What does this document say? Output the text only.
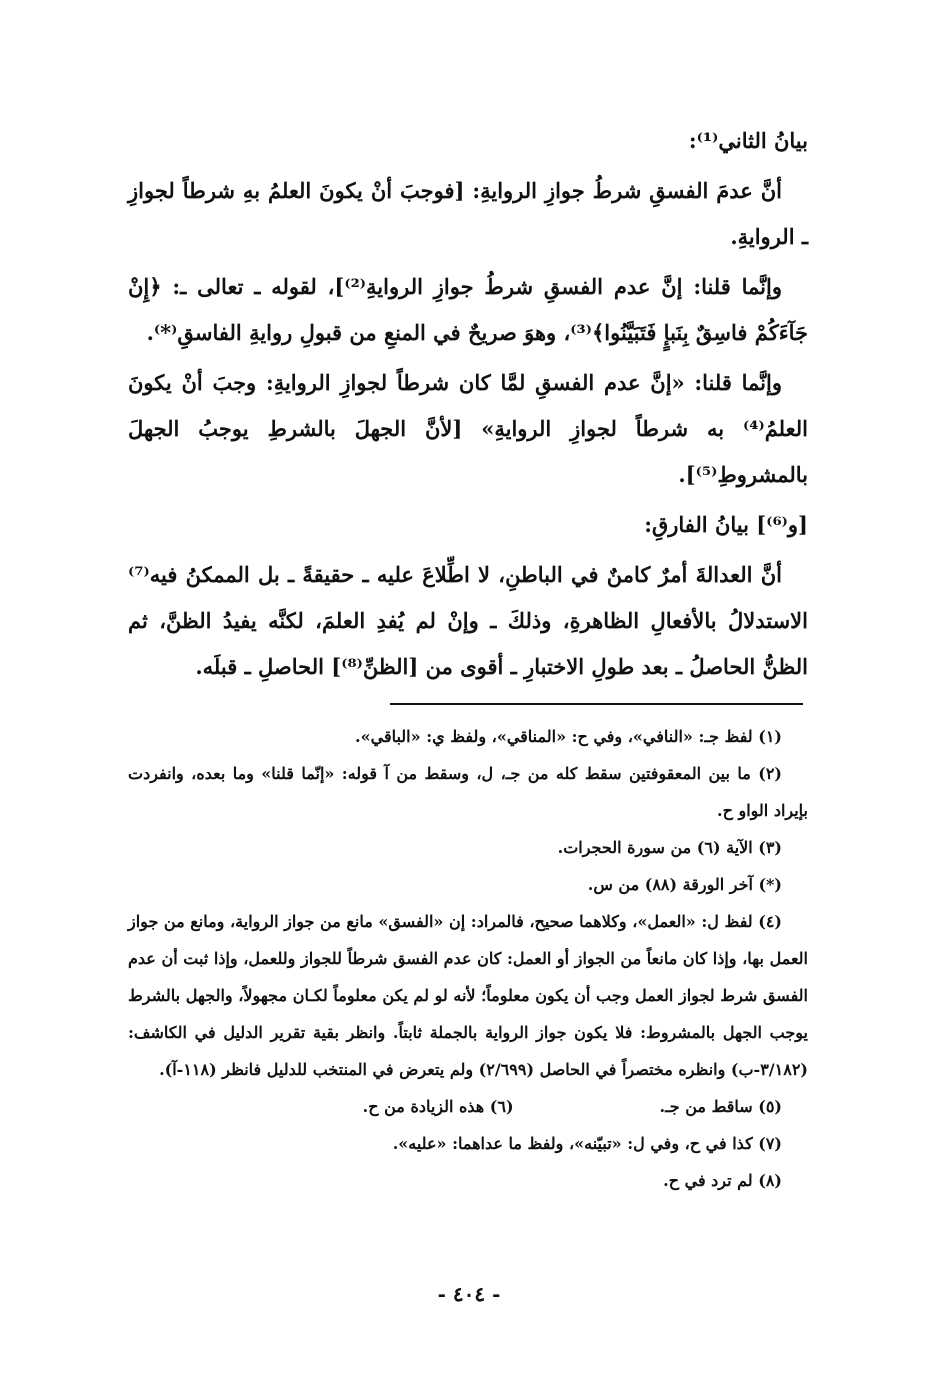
بيانُ الثاني⁽¹⁾:

أنَّ عدمَ الفسقِ شرطُ جوازِ الروايةِ: [فوجبَ أنْ يكونَ العلمُ بهِ شرطاً لجوازِ ـ الروايةِ.

وإنَّما قلنا: إنَّ عدم الفسقِ شرطُ جوازِ الروايةِ⁽²⁾]، لقوله ـ تعالى ـ: ﴿إِنْ جَآءَكُمْ فاسِقٌ بِنَبإٍ فَتَبَيَّنُوا﴾⁽³⁾، وهوَ صريحٌ في المنعِ من قبولِ روايةِ الفاسقِ⁽*⁾.

وإنَّما قلنا: «إنَّ عدم الفسقِ لمَّا كان شرطاً لجوازِ الروايةِ: وجبَ أنْ يكونَ العلمُ⁽⁴⁾ به شرطاً لجوازِ الروايةِ» [لأنَّ الجهلَ بالشرطِ يوجبُ الجهلَ بالمشروطِ⁽⁵⁾].

[و⁽⁶⁾] بيانُ الفارقِ:

أنَّ العدالةَ أمرٌ كامنٌ في الباطنِ، لا اطِّلاعَ عليه ـ حقيقةً ـ بل الممكنُ فيه⁽⁷⁾ الاستدلالُ بالأفعالِ الظاهرةِ، وذلكَ ـ وإنْ لم يُفدِ العلمَ، لكنَّه يفيدُ الظنَّ، ثم الظنُّ الحاصلُ ـ بعد طولِ الاختبارِ ـ أقوى من [الظنِّ⁽⁸⁾] الحاصلِ ـ قبلَه.

(١) لفظ جـ: «النافي»، وفي ح: «المناقي»، ولفظ ي: «الباقي».

(٢) ما بين المعقوفتين سقط كله من جـ، ل، وسقط من آ قوله: «إنّما قلنا» وما بعده، وانفردت بإيراد الواو ح.

(٣) الآية (٦) من سورة الحجرات.

(*) آخر الورقة (٨٨) من س.

(٤) لفظ ل: «العمل»، وكلاهما صحيح، فالمراد: إن «الفسق» مانع من جواز الرواية، ومانع من جواز العمل بها، وإذا كان مانعاً من الجواز أو العمل: كان عدم الفسق شرطاً للجواز وللعمل، وإذا ثبت أن عدم الفسق شرط لجواز العمل وجب أن يكون معلوماً؛ لأنه لو لم يكن معلوماً لكـان مجهولاً، والجهل بالشرط يوجب الجهل بالمشروط: فلا يكون جواز الرواية بالجملة ثابتاً. وانظر بقية تقرير الدليل في الكاشف: (٣/١٨٢-ب) وانظره مختصراً في الحاصل (٢/٦٩٩) ولم يتعرض في المنتخب للدليل فانظر (١١٨-آ).

(٥) ساقط من جـ.
(٦) هذه الزيادة من ح.

(٧) كذا في ح، وفي ل: «تبيّنه»، ولفظ ما عداهما: «عليه».

(٨) لم ترد في ح.

- ٤٠٤ -
